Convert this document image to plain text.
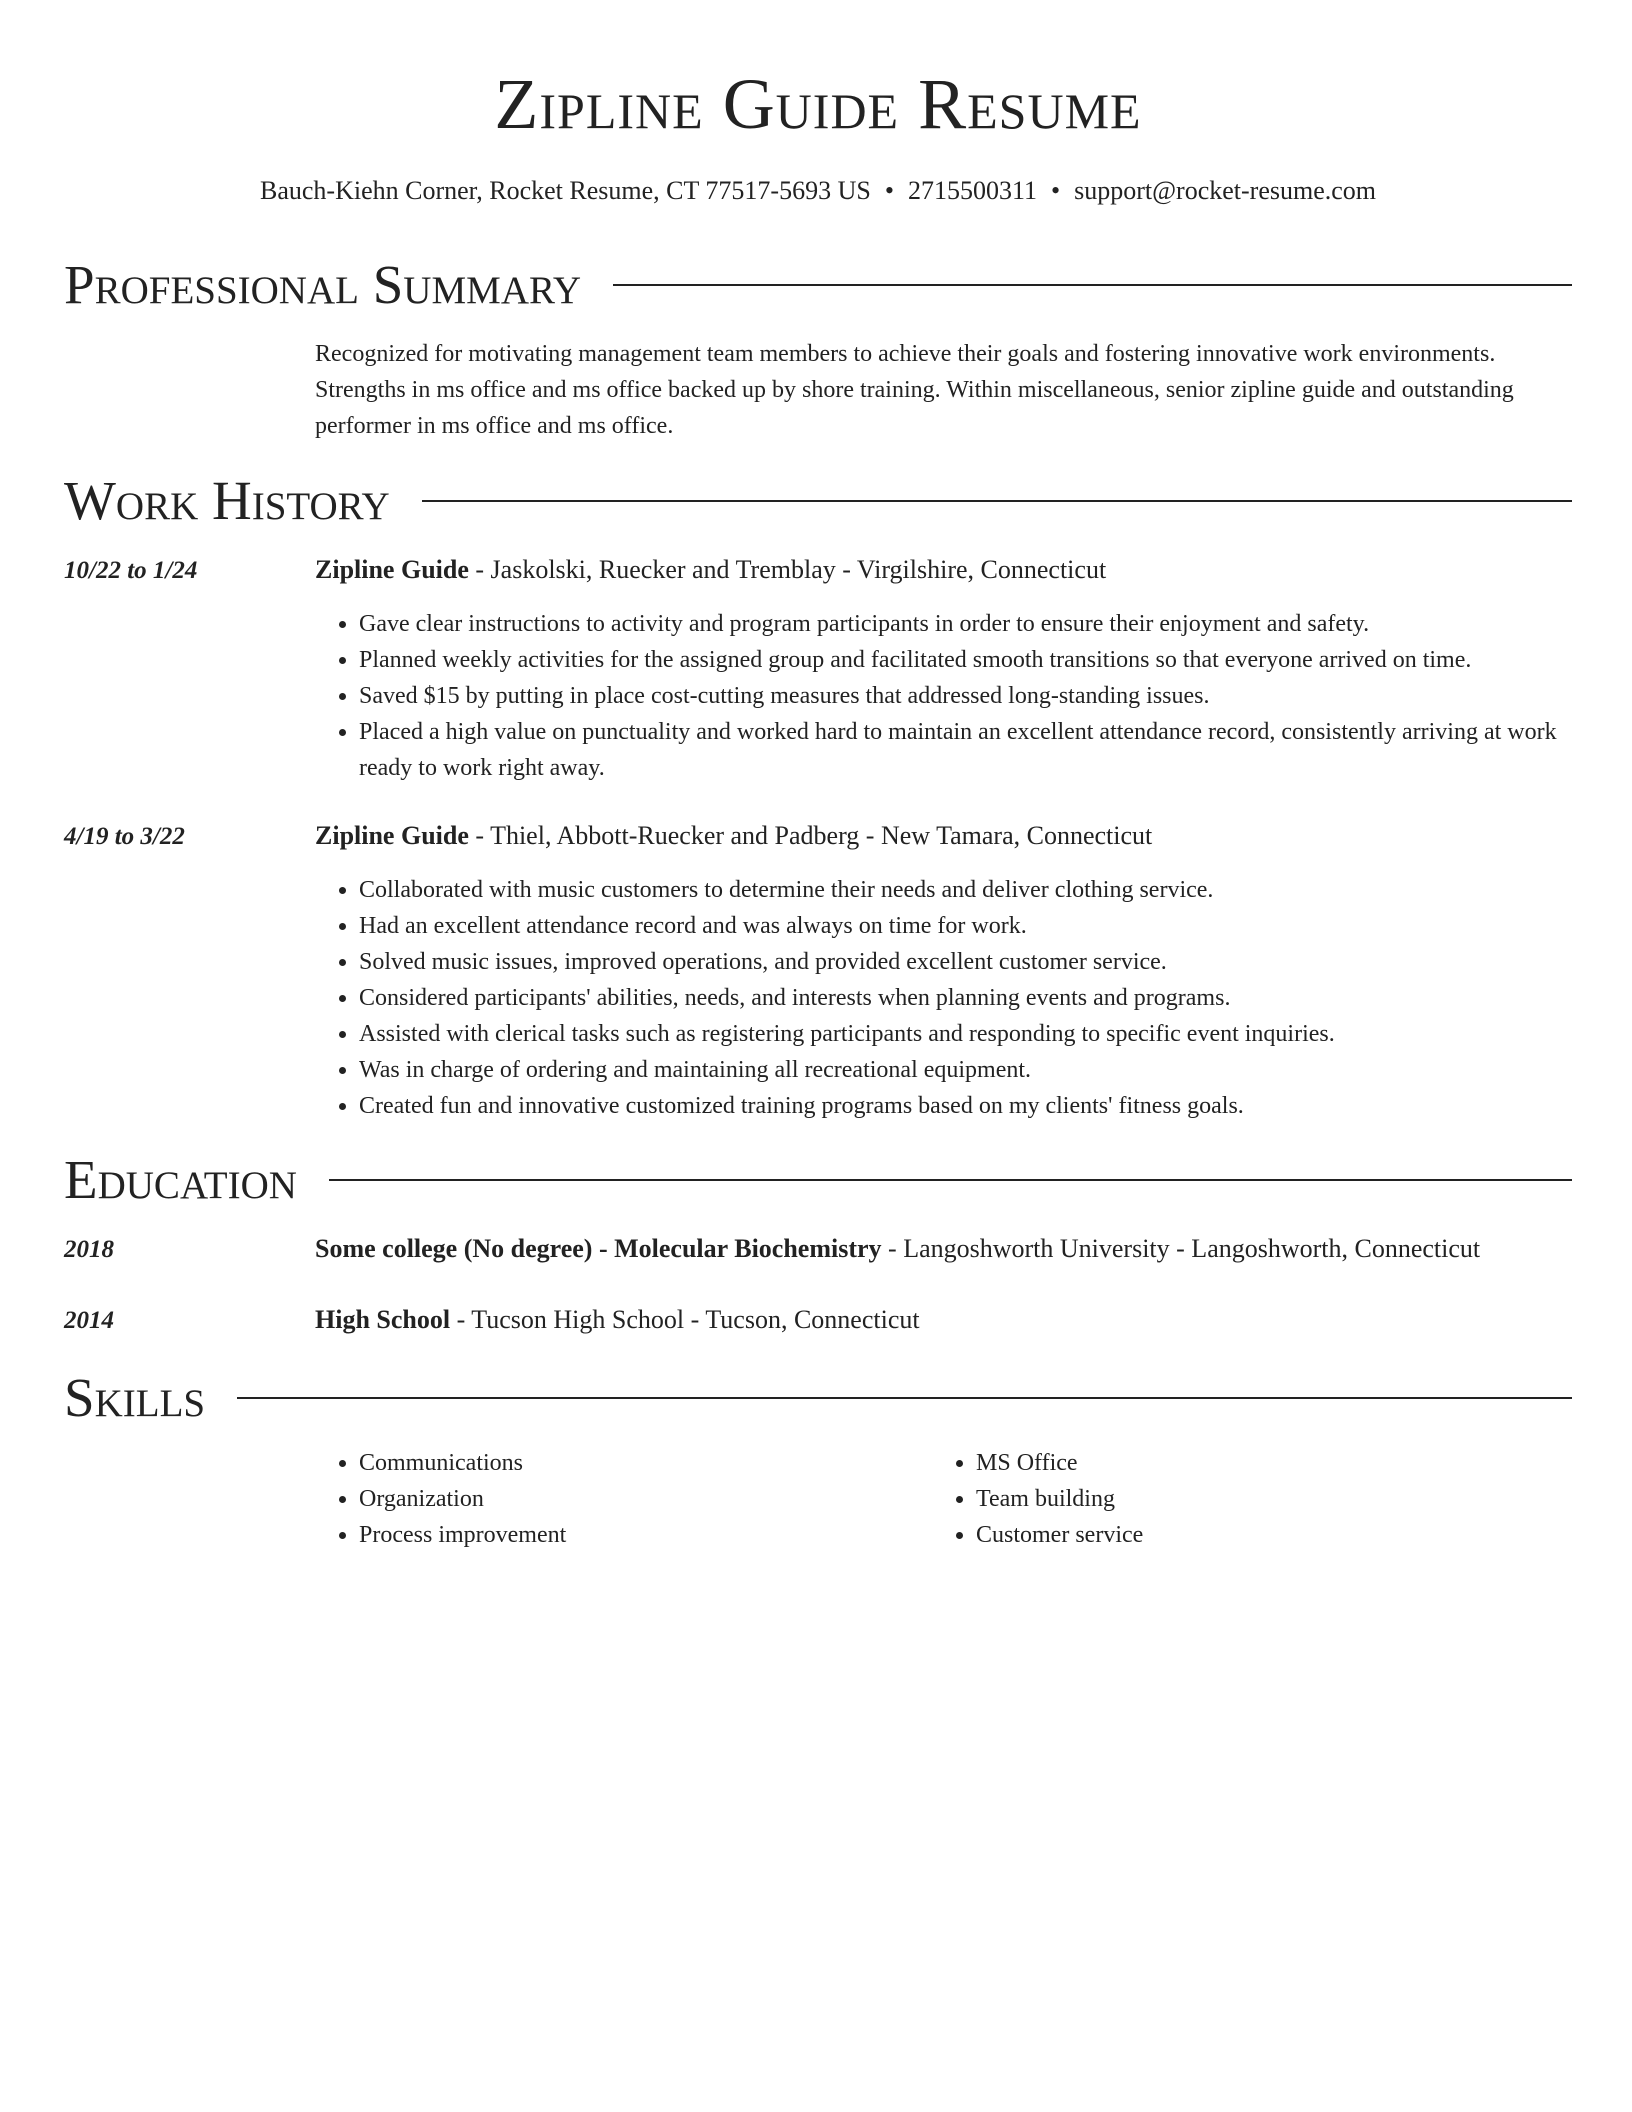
Zipline Guide Resume
Bauch-Kiehn Corner, Rocket Resume, CT 77517-5693 US • 2715500311 • support@rocket-resume.com
Professional Summary
Recognized for motivating management team members to achieve their goals and fostering innovative work environments. Strengths in ms office and ms office backed up by shore training. Within miscellaneous, senior zipline guide and outstanding performer in ms office and ms office.
Work History
10/22 to 1/24	Zipline Guide - Jaskolski, Ruecker and Tremblay - Virgilshire, Connecticut
• Gave clear instructions to activity and program participants in order to ensure their enjoyment and safety.
• Planned weekly activities for the assigned group and facilitated smooth transitions so that everyone arrived on time.
• Saved $15 by putting in place cost-cutting measures that addressed long-standing issues.
• Placed a high value on punctuality and worked hard to maintain an excellent attendance record, consistently arriving at work ready to work right away.
4/19 to 3/22	Zipline Guide - Thiel, Abbott-Ruecker and Padberg - New Tamara, Connecticut
• Collaborated with music customers to determine their needs and deliver clothing service.
• Had an excellent attendance record and was always on time for work.
• Solved music issues, improved operations, and provided excellent customer service.
• Considered participants' abilities, needs, and interests when planning events and programs.
• Assisted with clerical tasks such as registering participants and responding to specific event inquiries.
• Was in charge of ordering and maintaining all recreational equipment.
• Created fun and innovative customized training programs based on my clients' fitness goals.
Education
2018	Some college (No degree) - Molecular Biochemistry - Langoshworth University - Langoshworth, Connecticut
2014	High School - Tucson High School - Tucson, Connecticut
Skills
• Communications
• Organization
• Process improvement
• MS Office
• Team building
• Customer service
